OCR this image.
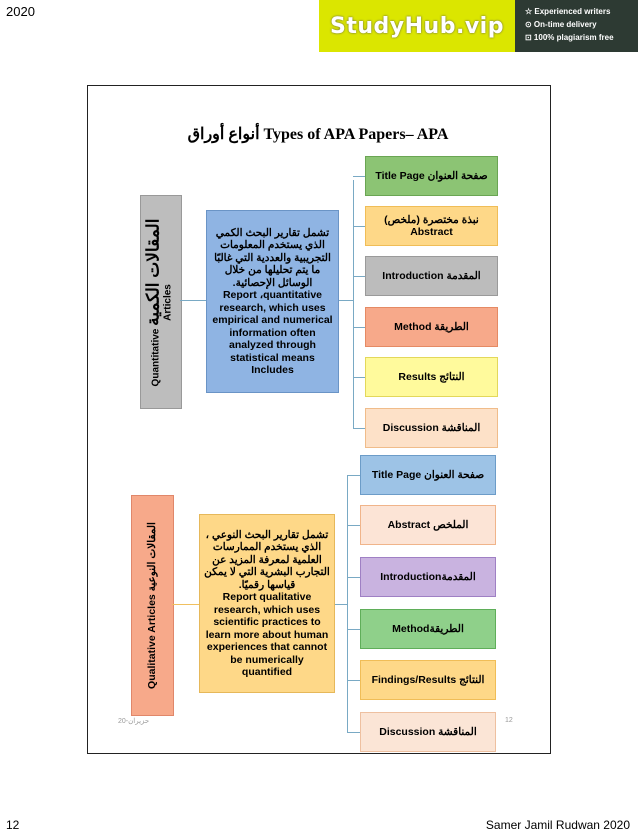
2020
StudyHub.vip
☆ Experienced writers
⊙ On-time delivery
⊡ 100% plagiarism free
أنواع أوراق Types of APA Papers– APA
Quantitative المقالات الكمية
Articles
تشمل تقارير البحث الكمي الذي يستخدم المعلومات التجريبية والعددية التي غالبًا ما يتم تحليلها من خلال الوسائل الإحصائية.
Report ،quantitative research, which uses empirical and numerical information often analyzed through statistical means Includes
Title Page صفحة العنوان
نبذة مختصرة (ملخص) Abstract
Introduction المقدمة
Method الطريقة
Results النتائج
Discussion المناقشة
Qualitative Articles المقالات النوعية	تشمل تقارير البحث النوعي ، الذي يستخدم الممارسات العلمية لمعرفة المزيد عن التجارب البشرية التي لا يمكن قياسها رقميًا.
Report qualitative research, which uses scientific practices to learn more about human experiences that cannot be numerically quantified
Title Page صفحة العنوان
Abstract الملخص
Introductionالمقدمة
Methodالطريقة
Findings/Results النتائج
Discussion المناقشة
حزيران-20	12
12	Samer Jamil Rudwan 2020
